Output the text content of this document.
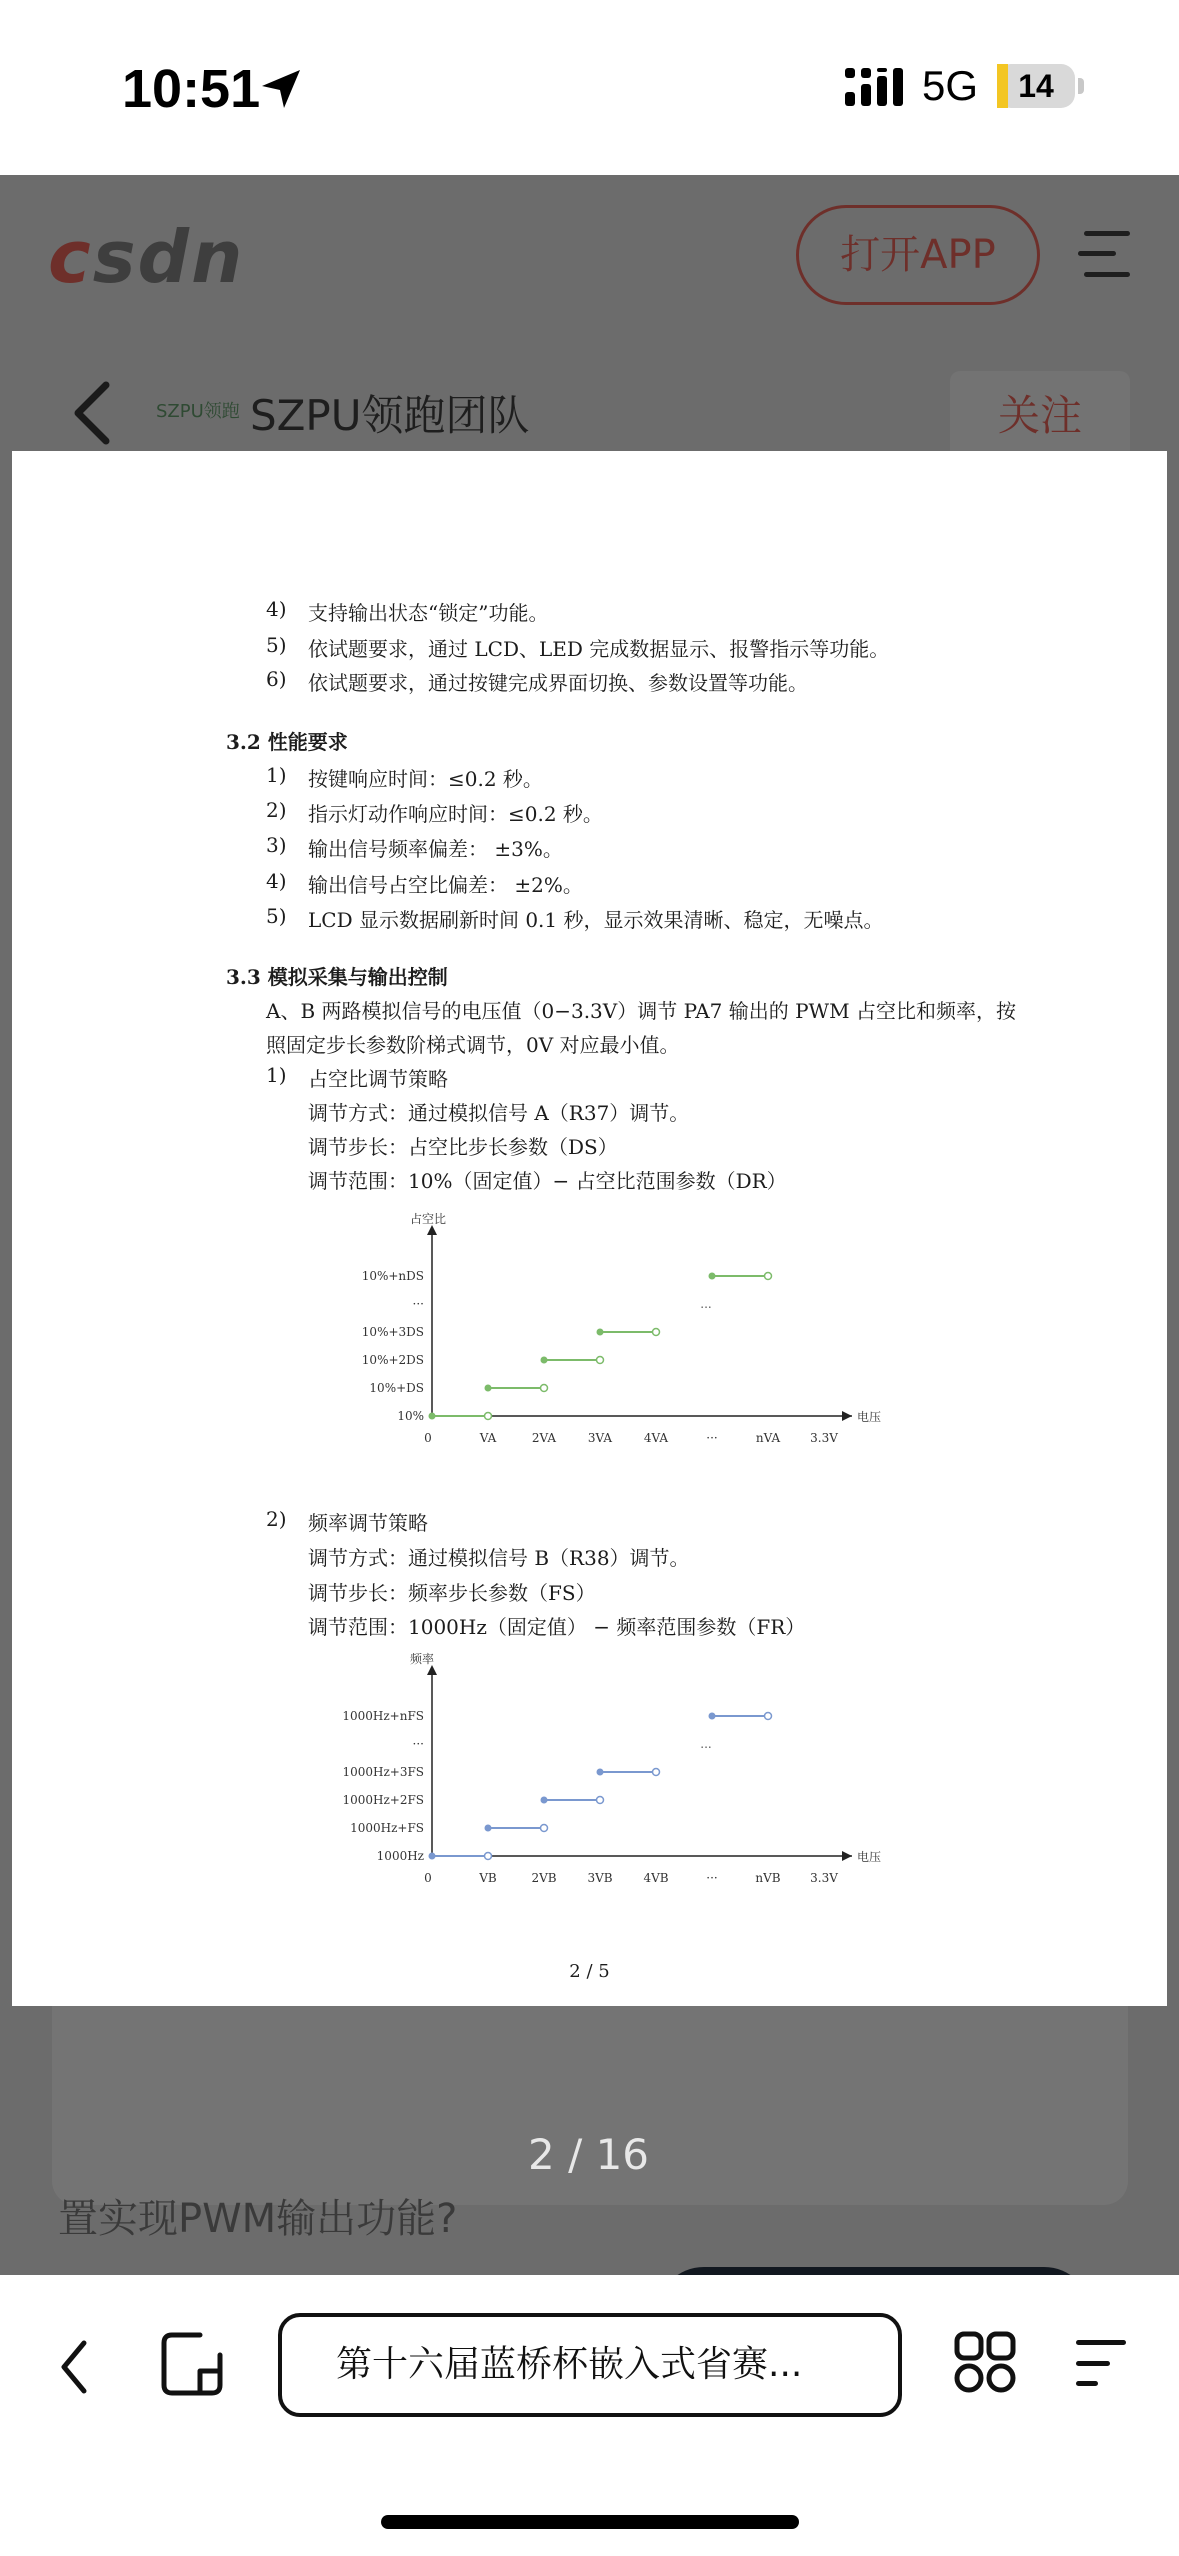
10:51	5G	14
csdn	打开APP
SZPU领跑 SZPU领跑团队	关注
置实现PWM输出功能?
4) 支持输出状态“锁定”功能。
5) 依试题要求，通过 LCD、LED 完成数据显示、报警指示等功能。
6) 依试题要求，通过按键完成界面切换、参数设置等功能。
3.2 性能要求
1) 按键响应时间：≤0.2 秒。
2) 指示灯动作响应时间：≤0.2 秒。
3) 输出信号频率偏差： ±3%。
4) 输出信号占空比偏差： ±2%。
5) LCD 显示数据刷新时间 0.1 秒，显示效果清晰、稳定，无噪点。
3.3 模拟采集与输出控制
A、B 两路模拟信号的电压值（0−3.3V）调节 PA7 输出的 PWM 占空比和频率，按
照固定步长参数阶梯式调节，0V 对应最小值。
1) 占空比调节策略
调节方式：通过模拟信号 A（R37）调节。
调节步长：占空比步长参数（DS）
调节范围：10%（固定值）− 占空比范围参数（DR）
占空比
电压
0	VA	2VA	3VA	4VA	···	nVA	3.3V
10%
10%+DS
10%+2DS
10%+3DS
···
10%+nDS
...
2) 频率调节策略
调节方式：通过模拟信号 B（R38）调节。
调节步长：频率步长参数（FS）
调节范围：1000Hz（固定值） − 频率范围参数（FR）
频率
电压
0	VB	2VB	3VB	4VB	···	nVB 3.3V
1000Hz
1000Hz+FS
1000Hz+2FS
1000Hz+3FS
···
1000Hz+nFS
...
2 / 5
2 / 16
第十六届蓝桥杯嵌入式省赛...
